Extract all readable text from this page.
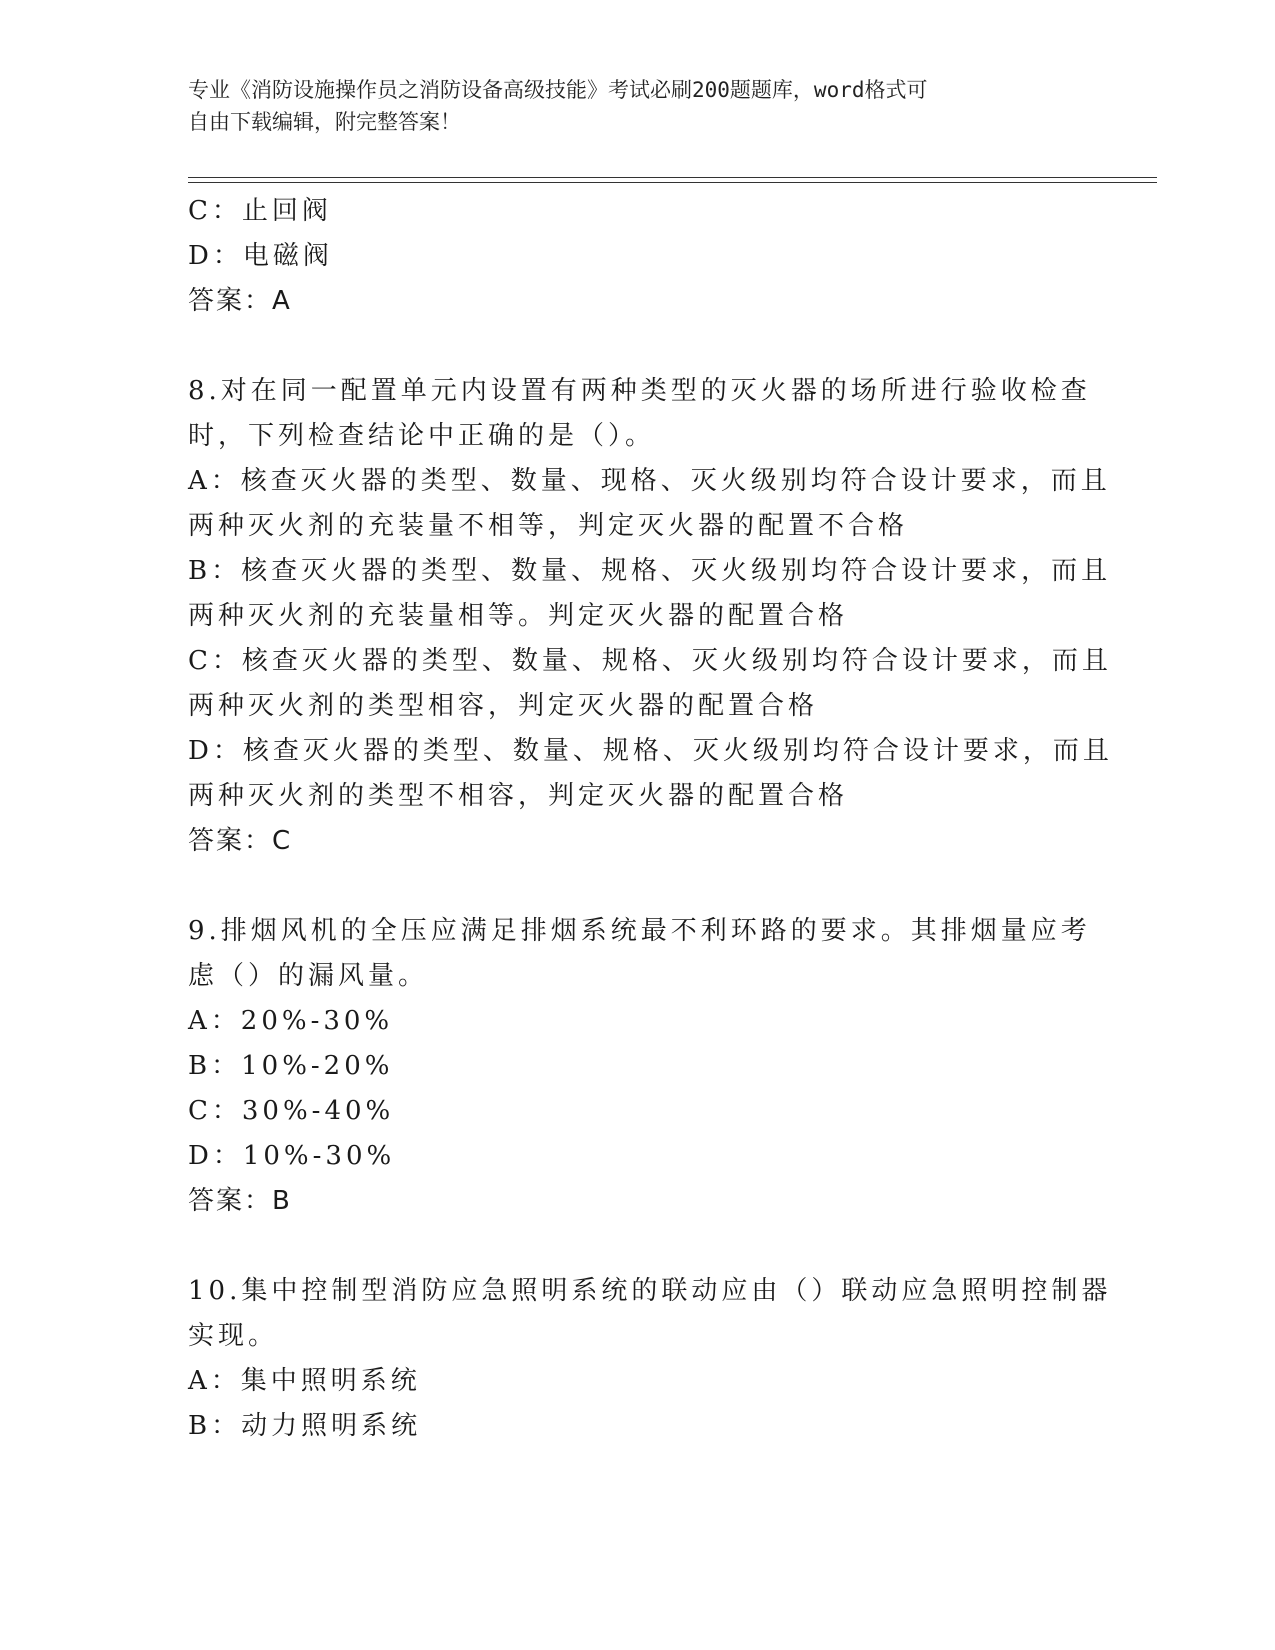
专业《消防设施操作员之消防设备高级技能》考试必刷200题题库，word格式可
自由下载编辑，附完整答案！
C：止回阀
D：电磁阀
答案：A
8.对在同一配置单元内设置有两种类型的灭火器的场所进行验收检查
时，下列检查结论中正确的是（）。
A：核查灭火器的类型、数量、现格、灭火级别均符合设计要求，而且
两种灭火剂的充装量不相等，判定灭火器的配置不合格
B：核查灭火器的类型、数量、规格、灭火级别均符合设计要求，而且
两种灭火剂的充装量相等。判定灭火器的配置合格
C：核查灭火器的类型、数量、规格、灭火级别均符合设计要求，而且
两种灭火剂的类型相容，判定灭火器的配置合格
D：核查灭火器的类型、数量、规格、灭火级别均符合设计要求，而且
两种灭火剂的类型不相容，判定灭火器的配置合格
答案：C
9.排烟风机的全压应满足排烟系统最不利环路的要求。其排烟量应考
虑（）的漏风量。
A：20%-30%
B：10%-20%
C：30%-40%
D：10%-30%
答案：B
10.集中控制型消防应急照明系统的联动应由（）联动应急照明控制器
实现。
A：集中照明系统
B：动力照明系统
